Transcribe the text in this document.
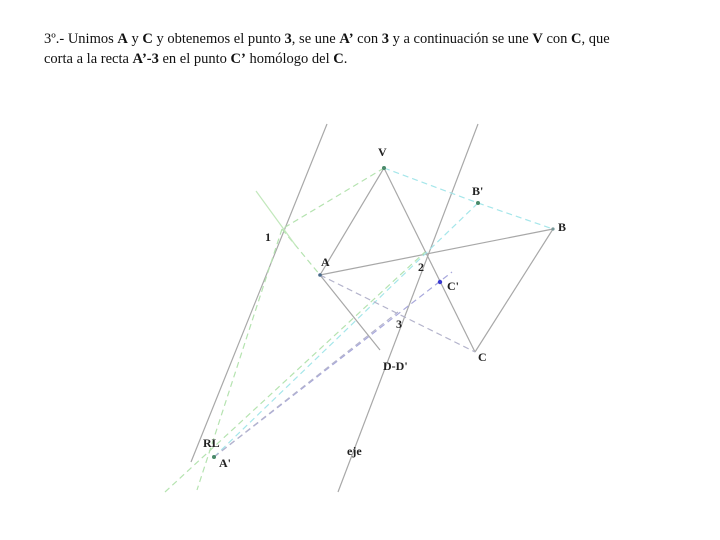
3º.- Unimos A y C y obtenemos el punto 3, se une A’ con 3 y a continuación se une V con C, que
corta a la recta A’-3 en el punto C’ homólogo del C.

V
B'
B
1
A	2
C'
3
C
D-D'
RL
A'
eje
